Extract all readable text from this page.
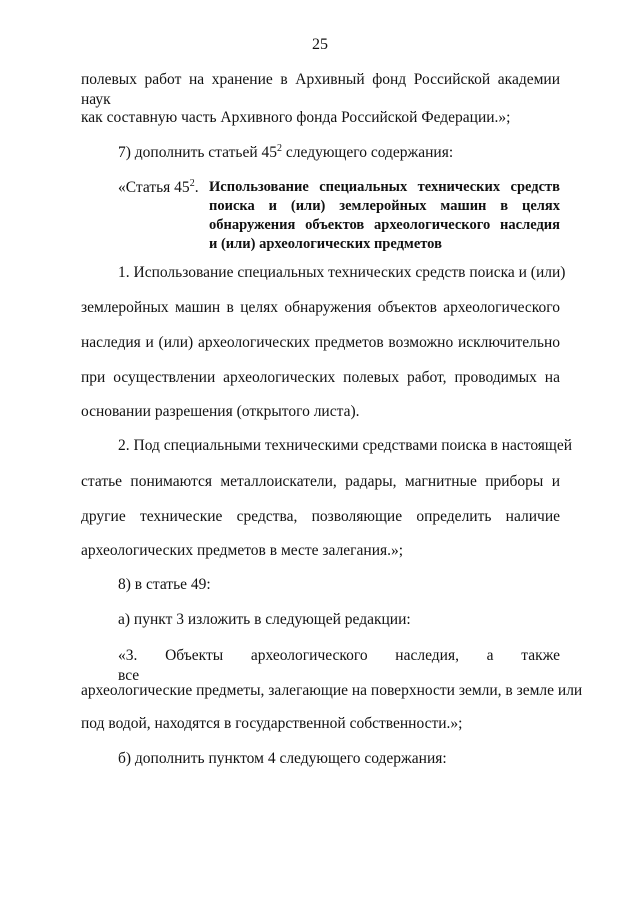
25
полевых работ на хранение в Архивный фонд Российской академии наук
как составную часть Архивного фонда Российской Федерации.»;
7) дополнить статьей $45^2$ следующего содержания:
«Статья $45^2$. Использование специальных технических средств
поиска и (или) землеройных машин в целях
обнаружения объектов археологического наследия
и (или) археологических предметов
1. Использование специальных технических средств поиска и (или)
землеройных машин в целях обнаружения объектов археологического
наследия и (или) археологических предметов возможно исключительно
при осуществлении археологических полевых работ, проводимых на
основании разрешения (открытого листа).
2. Под специальными техническими средствами поиска в настоящей
статье понимаются металлоискатели, радары, магнитные приборы и
другие технические средства, позволяющие определить наличие
археологических предметов в месте залегания.»;
8) в статье 49:
а) пункт 3 изложить в следующей редакции:
«3. Объекты археологического наследия, а также все
археологические предметы, залегающие на поверхности земли, в земле или
под водой, находятся в государственной собственности.»;
б) дополнить пунктом 4 следующего содержания:
